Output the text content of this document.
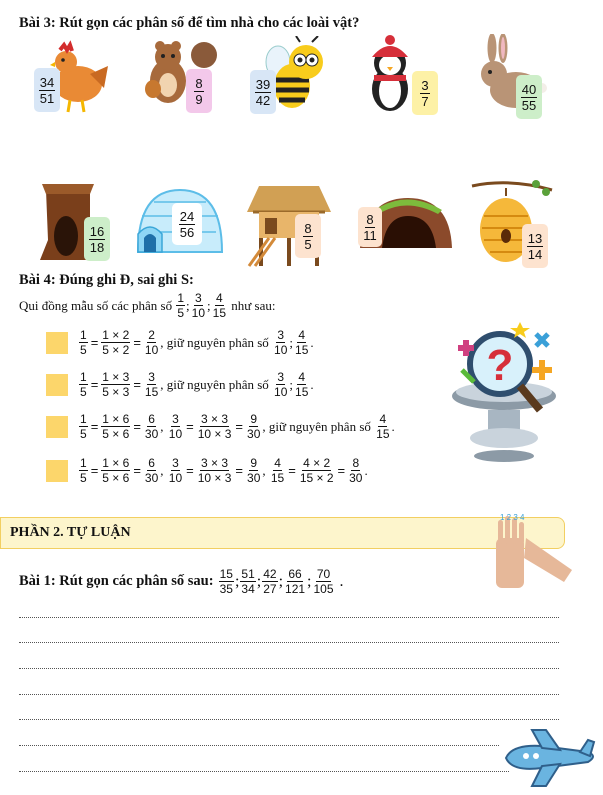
Bài 3: Rút gọn các phân số để tìm nhà cho các loài vật?
$\frac{34}{51}$	$\frac{8}{9}$	$\frac{39}{42}$	$\frac{3}{7}$	$\frac{40}{55}$
$\frac{16}{18}$
$\frac{24}{56}$	$\frac{8}{5}$	$\frac{8}{11}$
$\frac{13}{14}$
Bài 4: Đúng ghi Đ, sai ghi S:
Qui đồng mẫu số các phân số
$\frac{1}{5}$ ; $\frac{3}{10}$ ; $\frac{4}{15}$
như sau:
$\frac{1}{5} = \frac{1 \times 2}{5 \times 2} = \frac{2}{10}$ , giữ nguyên phân số
$\frac{3}{10}$ ; $\frac{4}{15}$ .
$\frac{1}{5} = \frac{1 \times 3}{5 \times 3} = \frac{3}{15}$ , giữ nguyên phân số
$\frac{3}{10}$ ; $\frac{4}{15}$ .
$\frac{1}{5} = \frac{1 \times 6}{5 \times 6} = \frac{6}{30}$ ,
$\frac{3}{10} = \frac{3 \times 3}{10 \times 3} = \frac{9}{30}$ , giữ nguyên phân số
$\frac{4}{15}$ .
$\frac{1}{5} = \frac{1 \times 6}{5 \times 6} = \frac{6}{30}$ ,
$\frac{3}{10} = \frac{3 \times 3}{10 \times 3} = \frac{9}{30}$ ,
$\frac{4}{15} = \frac{4 \times 2}{15 \times 2} = \frac{8}{30}$ .
?
PHẦN 2. TỰ LUẬN
1 2 3 4
Bài 1: Rút gọn các phân số sau:
$\frac{15}{35}$ ; $\frac{51}{34}$ ; $\frac{42}{27}$ ; $\frac{66}{121}$ ; $\frac{70}{105}$
.
